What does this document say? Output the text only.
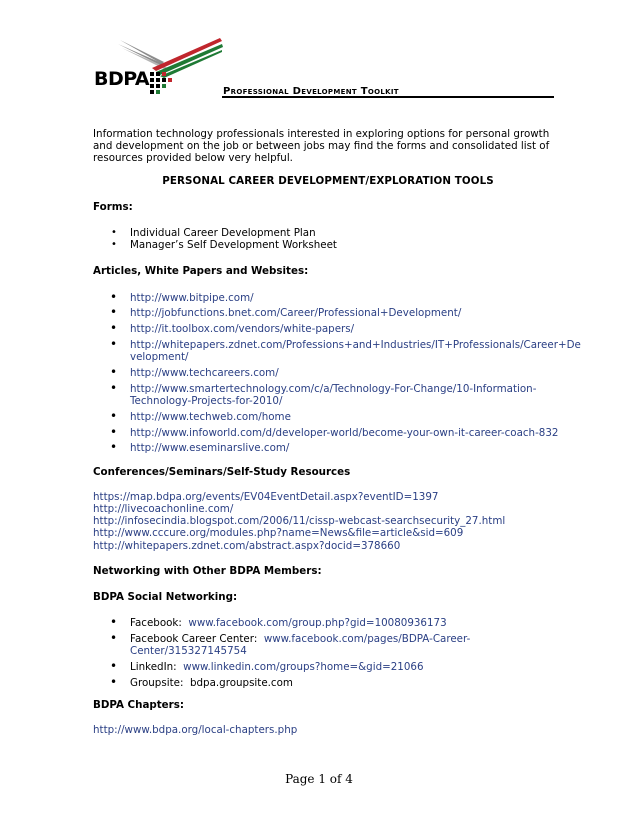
BDPA
Professional Development Toolkit

Information technology professionals interested in exploring options for personal growth and development on the job or between jobs may find the forms and consolidated list of resources provided below very helpful.

PERSONAL CAREER DEVELOPMENT/EXPLORATION TOOLS

Forms:

• Individual Career Development Plan
• Manager’s Self Development Worksheet

Articles, White Papers and Websites:

• http://www.bitpipe.com/
• http://jobfunctions.bnet.com/Career/Professional+Development/
• http://it.toolbox.com/vendors/white-papers/
• http://whitepapers.zdnet.com/Professions+and+Industries/IT+Professionals/Career+De velopment/
• http://www.techcareers.com/
• http://www.smartertechnology.com/c/a/Technology-For-Change/10-Information-Technology-Projects-for-2010/
• http://www.techweb.com/home
• http://www.infoworld.com/d/developer-world/become-your-own-it-career-coach-832
• http://www.eseminarslive.com/

Conferences/Seminars/Self-Study Resources

https://map.bdpa.org/events/EV04EventDetail.aspx?eventID=1397

http://livecoachonline.com/

http://infosecindia.blogspot.com/2006/11/cissp-webcast-searchsecurity_27.html

http://www.cccure.org/modules.php?name=News&file=article&sid=609

http://whitepapers.zdnet.com/abstract.aspx?docid=378660

Networking with Other BDPA Members:

BDPA Social Networking:

• Facebook: www.facebook.com/group.php?gid=10080936173
• Facebook Career Center: www.facebook.com/pages/BDPA-Career-Center/315327145754
• LinkedIn: www.linkedin.com/groups?home=&gid=21066
• Groupsite: bdpa.groupsite.com

BDPA Chapters:

http://www.bdpa.org/local-chapters.php

Page 1 of 4
